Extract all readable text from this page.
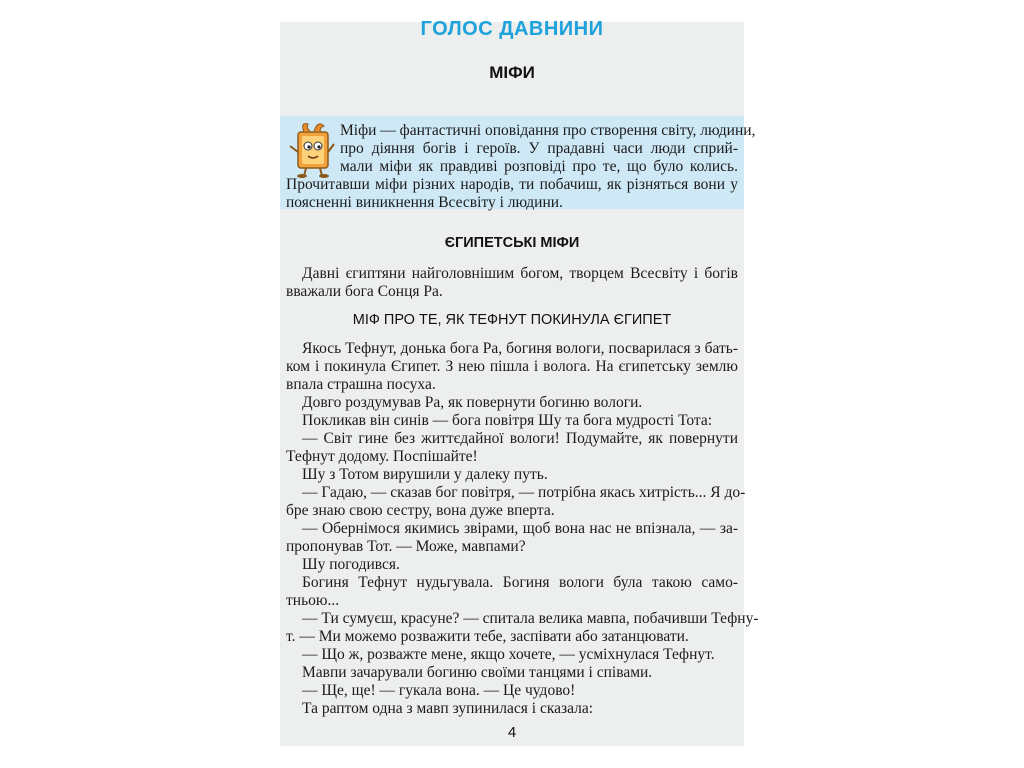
ГОЛОС ДАВНИНИ
МІФИ
Міфи — фантастичні оповідання про створення світу, людини,
про діяння богів і героїв. У прадавні часи люди сприй-
мали міфи як правдиві розповіді про те, що було колись.
Прочитавши міфи різних народів, ти побачиш, як різняться вони у
поясненні виникнення Всесвіту і людини.
ЄГИПЕТСЬКІ МІФИ
Давні єгиптяни найголовнішим богом, творцем Всесвіту і богів
вважали бога Сонця Ра.
МІФ ПРО ТЕ, ЯК ТЕФНУТ ПОКИНУЛА ЄГИПЕТ
Якось Тефнут, донька бога Ра, богиня вологи, посварилася з бать-
ком і покинула Єгипет. З нею пішла і волога. На єгипетську землю
впала страшна посуха.
Довго роздумував Ра, як повернути богиню вологи.
Покликав він синів — бога повітря Шу та бога мудрості Тота:
— Світ гине без життєдайної вологи! Подумайте, як повернути
Тефнут додому. Поспішайте!
Шу з Тотом вирушили у далеку путь.
— Гадаю, — сказав бог повітря, — потрібна якась хитрість... Я до-
бре знаю свою сестру, вона дуже вперта.
— Обернімося якимись звірами, щоб вона нас не впізнала, — за-
пропонував Тот. — Може, мавпами?
Шу погодився.
Богиня Тефнут нудьгувала. Богиня вологи була такою само-
тньою...
— Ти сумуєш, красуне? — спитала велика мавпа, побачивши Тефну-
т. — Ми можемо розважити тебе, заспівати або затанцювати.
— Що ж, розважте мене, якщо хочете, — усміхнулася Тефнут.
Мавпи зачарували богиню своїми танцями і співами.
— Ще, ще! — гукала вона. — Це чудово!
Та раптом одна з мавп зупинилася і сказала:
4
